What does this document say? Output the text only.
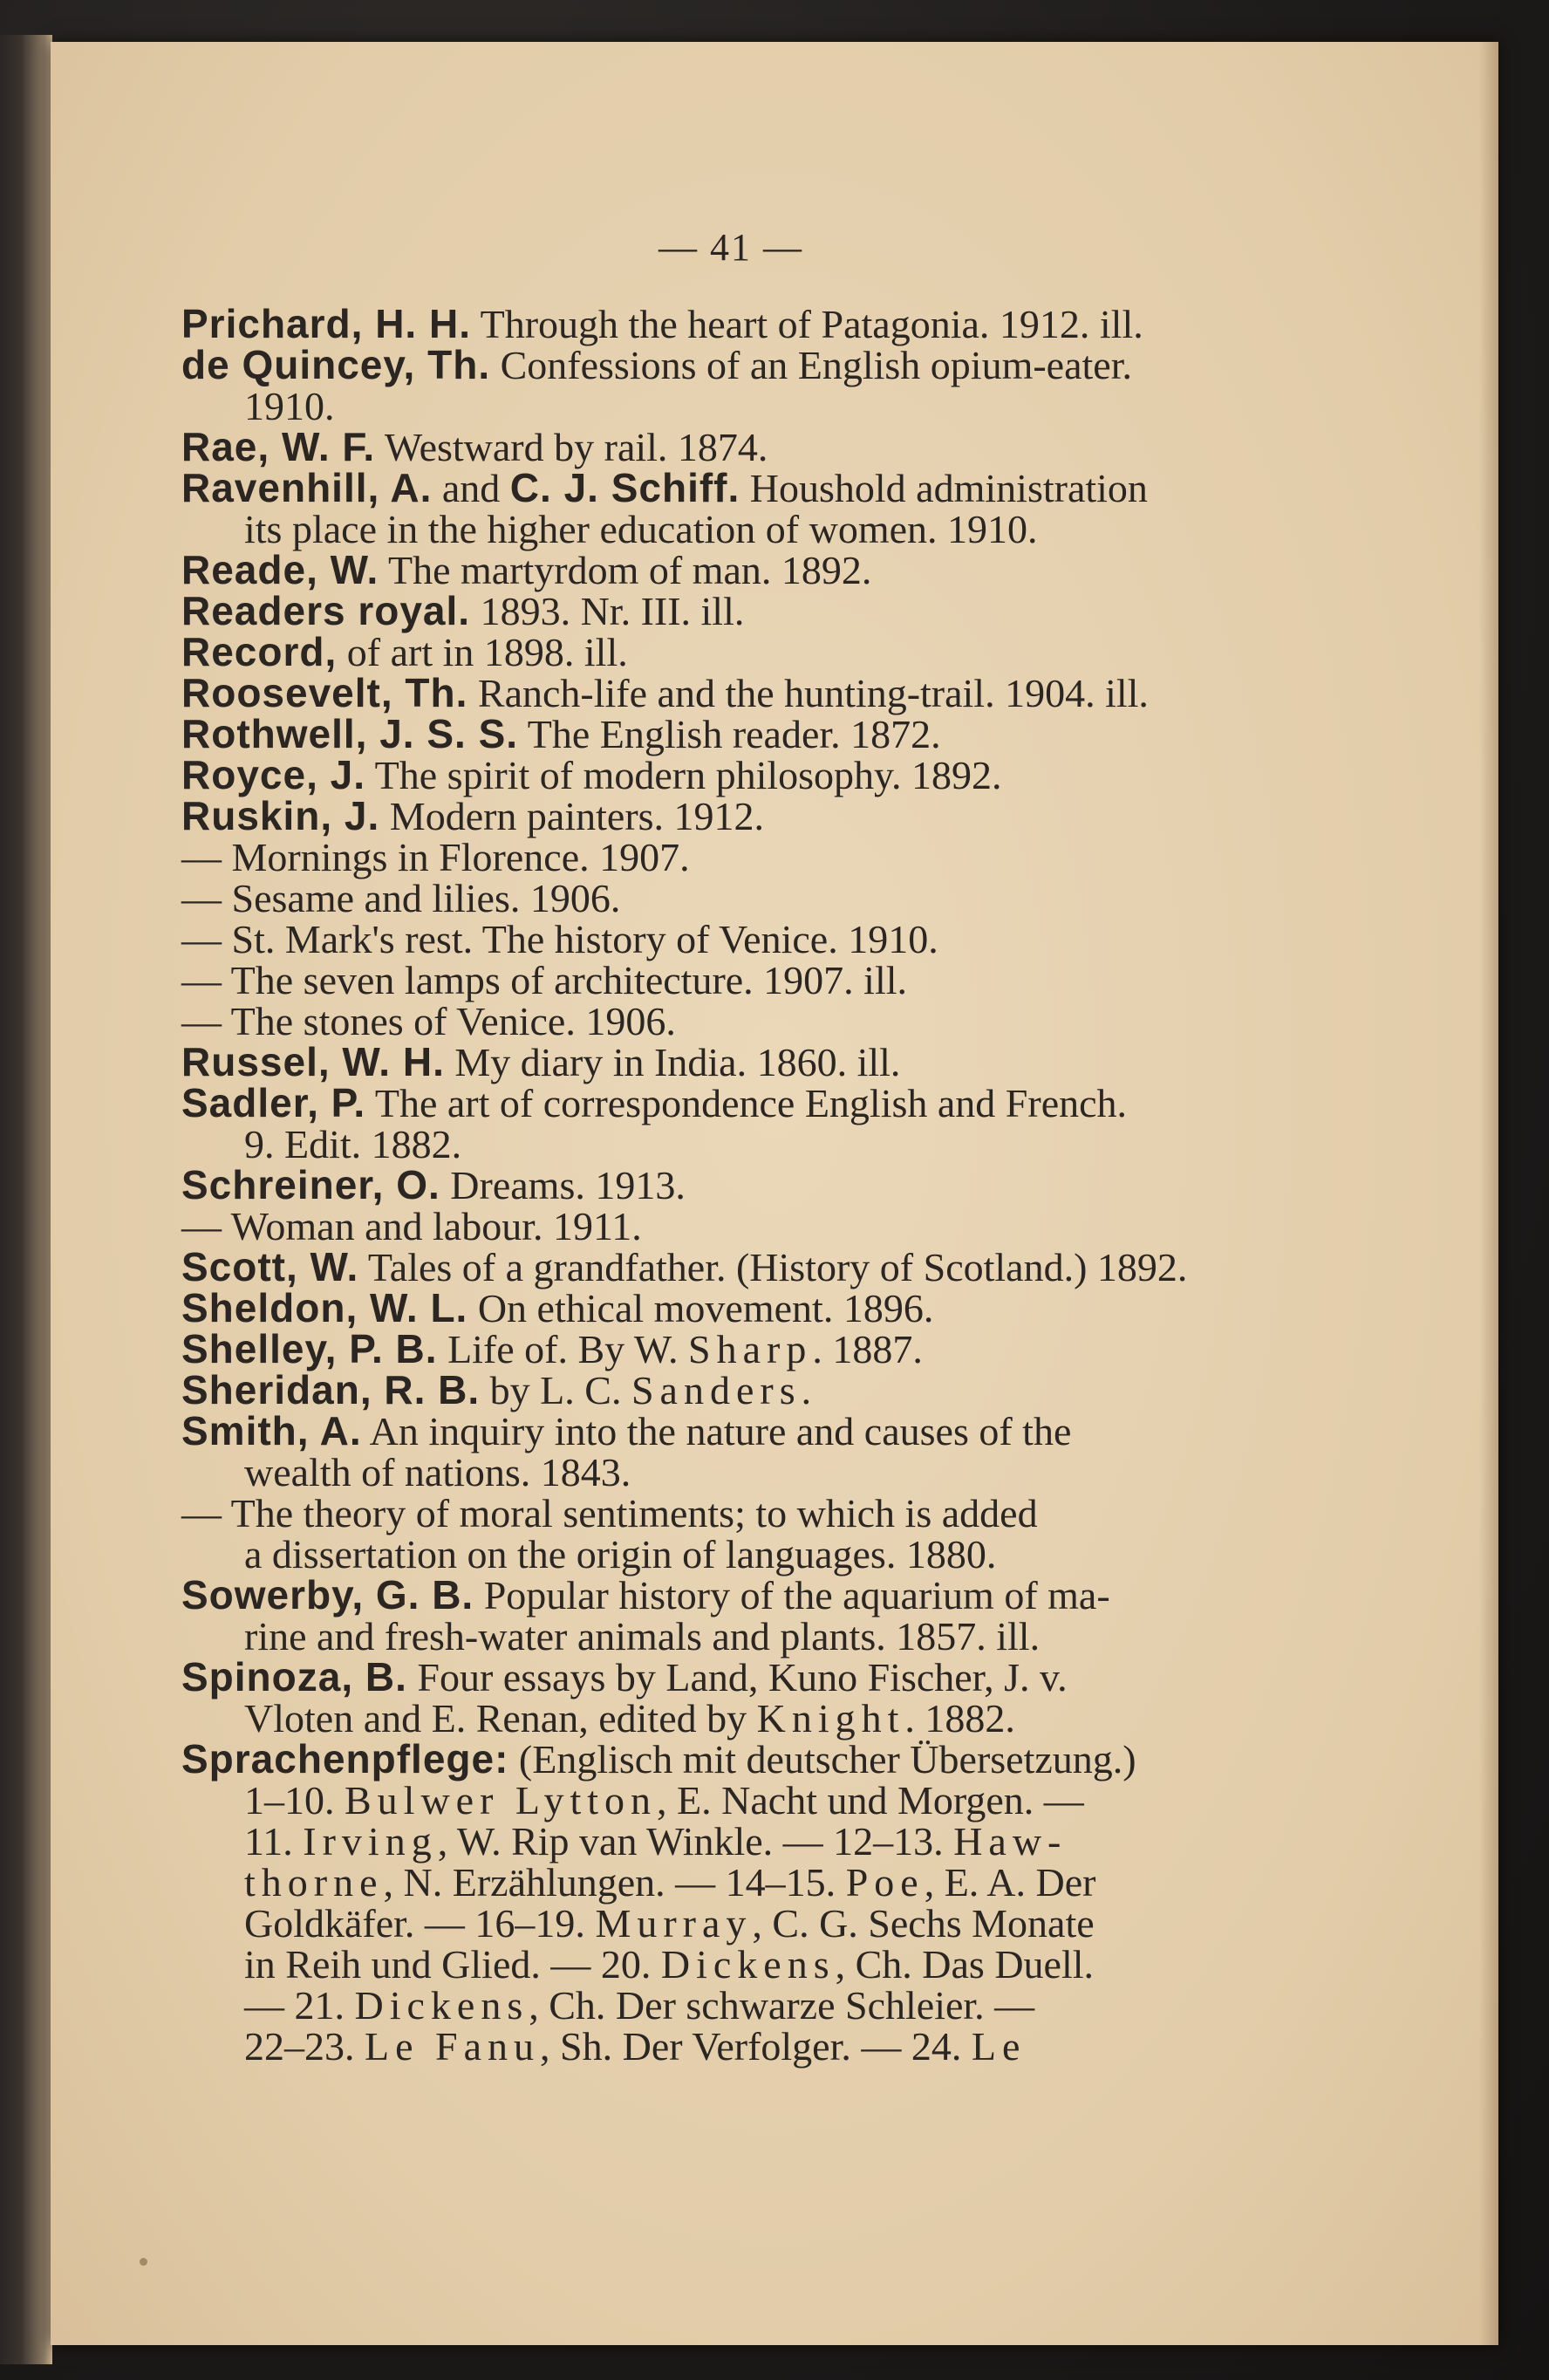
— 41 —

Prichard, H. H. Through the heart of Patagonia. 1912. ill.

de Quincey, Th. Confessions of an English opium-eater.
1910.

Rae, W. F. Westward by rail. 1874.

Ravenhill, A. and C. J. Schiff. Houshold administration
its place in the higher education of women. 1910.

Reade, W. The martyrdom of man. 1892.

Readers royal. 1893. Nr. III. ill.

Record, of art in 1898. ill.

Roosevelt, Th. Ranch-life and the hunting-trail. 1904. ill.

Rothwell, J. S. S. The English reader. 1872.

Royce, J. The spirit of modern philosophy. 1892.

Ruskin, J. Modern painters. 1912.

— Mornings in Florence. 1907.

— Sesame and lilies. 1906.

— St. Mark's rest. The history of Venice. 1910.

— The seven lamps of architecture. 1907. ill.

— The stones of Venice. 1906.

Russel, W. H. My diary in India. 1860. ill.

Sadler, P. The art of correspondence English and French.
9. Edit. 1882.

Schreiner, O. Dreams. 1913.

— Woman and labour. 1911.

Scott, W. Tales of a grandfather. (History of Scotland.) 1892.

Sheldon, W. L. On ethical movement. 1896.

Shelley, P. B. Life of. By W. Sharp. 1887.

Sheridan, R. B. by L. C. Sanders.

Smith, A. An inquiry into the nature and causes of the
wealth of nations. 1843.

— The theory of moral sentiments; to which is added
a dissertation on the origin of languages. 1880.

Sowerby, G. B. Popular history of the aquarium of ma-
rine and fresh-water animals and plants. 1857. ill.

Spinoza, B. Four essays by Land, Kuno Fischer, J. v.
Vloten and E. Renan, edited by Knight. 1882.

Sprachenpflege: (Englisch mit deutscher Übersetzung.)
1–10. Bulwer Lytton, E. Nacht und Morgen. —
11. Irving, W. Rip van Winkle. — 12–13. Haw-
thorne, N. Erzählungen. — 14–15. Poe, E. A. Der
Goldkäfer. — 16–19. Murray, C. G. Sechs Monate
in Reih und Glied. — 20. Dickens, Ch. Das Duell.
— 21. Dickens, Ch. Der schwarze Schleier. —
22–23. Le Fanu, Sh. Der Verfolger. — 24. Le
